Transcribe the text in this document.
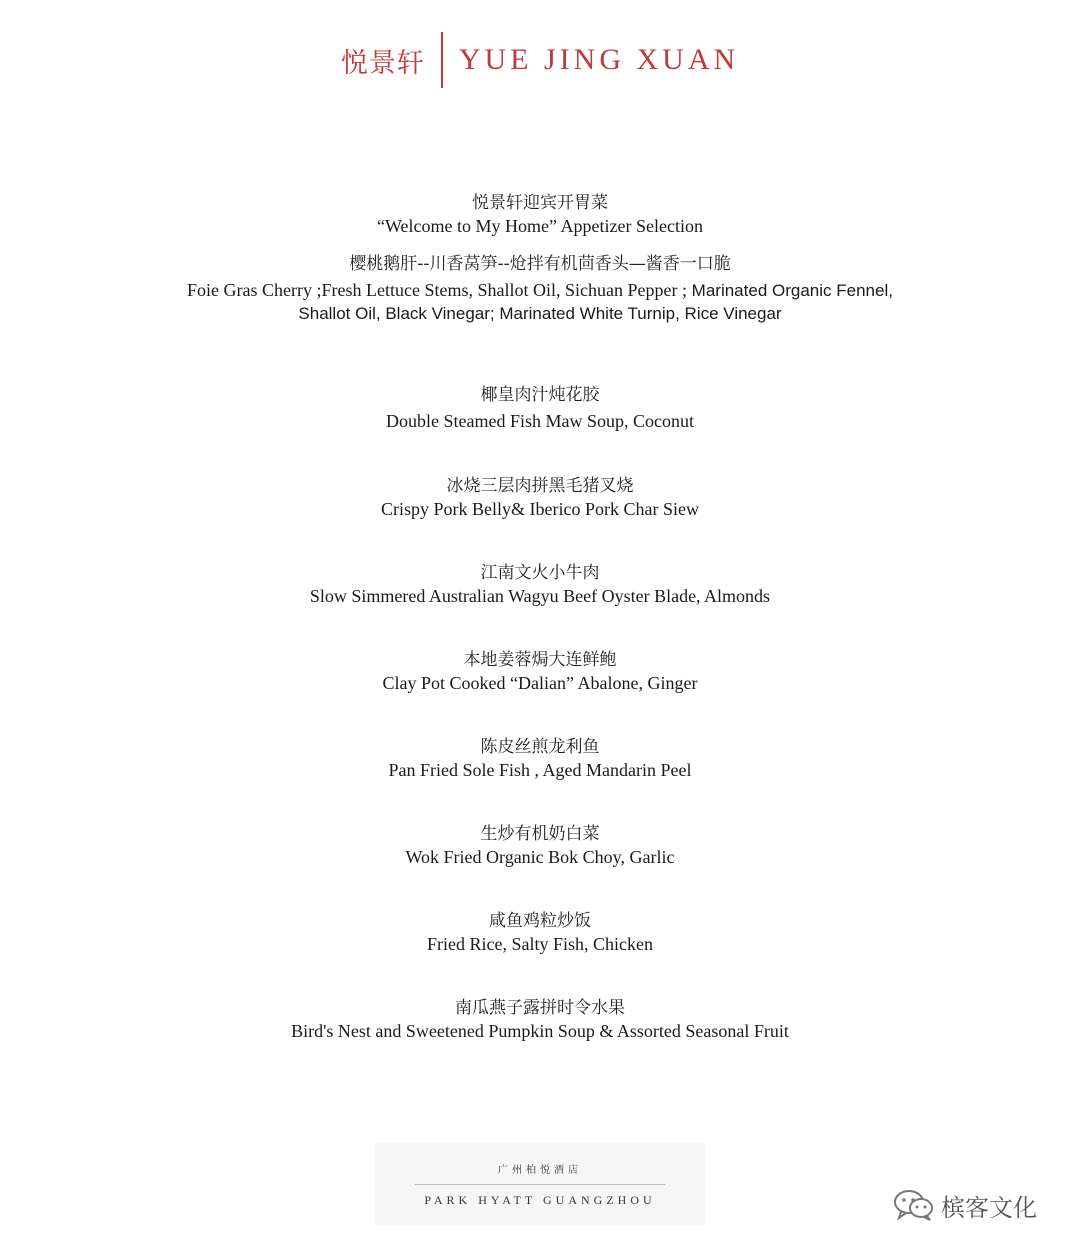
悦景轩 YUE JING XUAN
悦景轩迎宾开胃菜
“Welcome to My Home” Appetizer Selection
樱桃鹅肝--川香莴笋--炝拌有机茴香头—酱香一口脆
Foie Gras Cherry ;Fresh Lettuce Stems, Shallot Oil, Sichuan Pepper ; Marinated Organic Fennel,
Shallot Oil, Black Vinegar; Marinated White Turnip, Rice Vinegar
椰皇肉汁炖花胶
Double Steamed Fish Maw Soup, Coconut
冰烧三层肉拼黑毛猪叉烧
Crispy Pork Belly& Iberico Pork Char Siew
江南文火小牛肉
Slow Simmered Australian Wagyu Beef Oyster Blade, Almonds
本地姜蓉焗大连鲜鲍
Clay Pot Cooked “Dalian” Abalone, Ginger
陈皮丝煎龙利鱼
Pan Fried Sole Fish , Aged Mandarin Peel
生炒有机奶白菜
Wok Fried Organic Bok Choy, Garlic
咸鱼鸡粒炒饭
Fried Rice, Salty Fish, Chicken
南瓜燕子露拼时令水果
Bird's Nest and Sweetened Pumpkin Soup & Assorted Seasonal Fruit
广州柏悦酒店
PARK HYATT GUANGZHOU	槟客文化
